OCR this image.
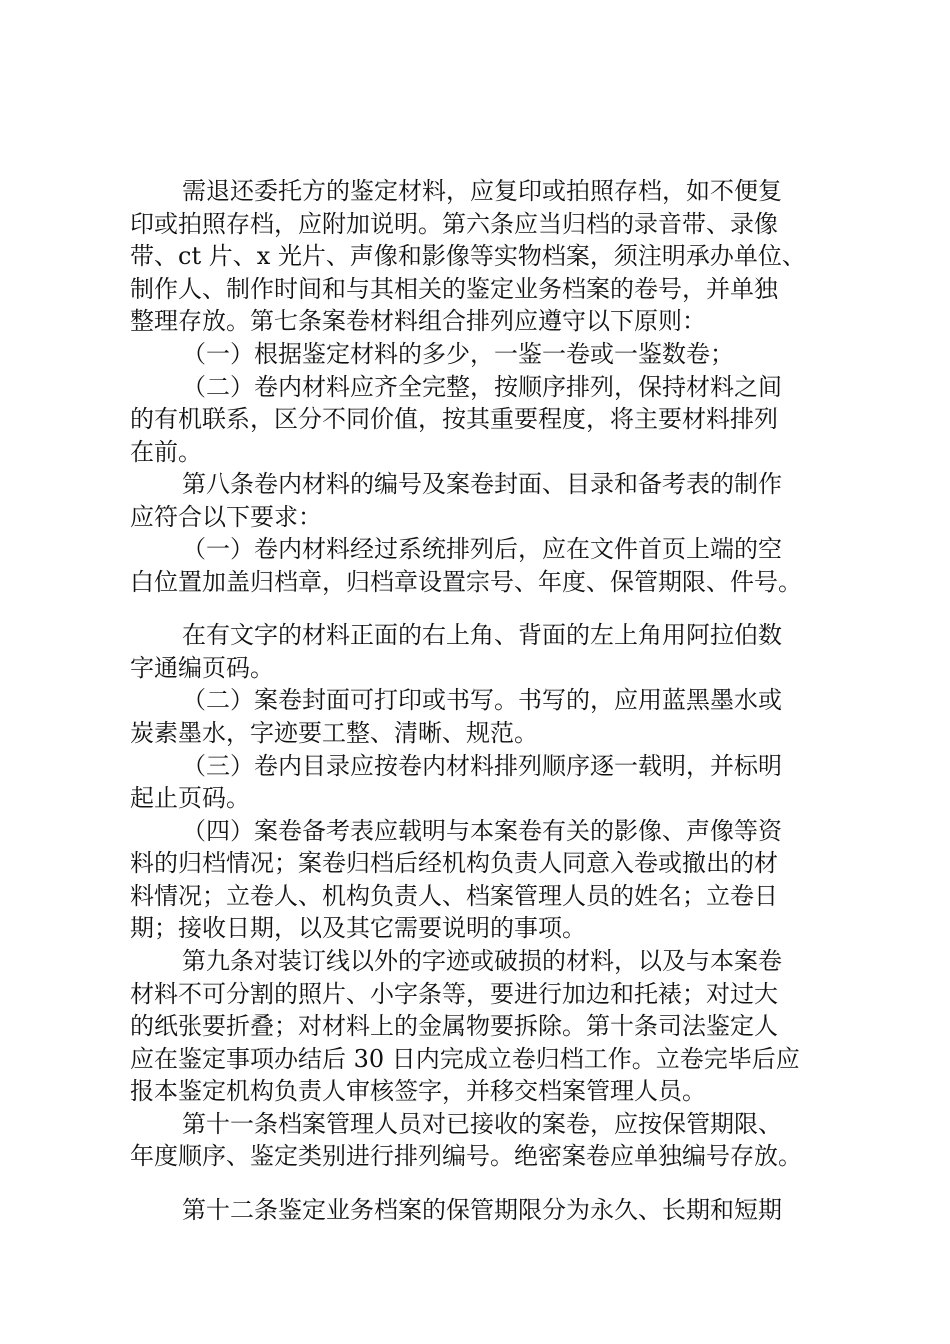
需退还委托方的鉴定材料，应复印或拍照存档，如不便复
印或拍照存档，应附加说明。第六条应当归档的录音带、录像
带、ct 片、x 光片、声像和影像等实物档案，须注明承办单位、
制作人、制作时间和与其相关的鉴定业务档案的卷号，并单独
整理存放。第七条案卷材料组合排列应遵守以下原则：
（一）根据鉴定材料的多少，一鉴一卷或一鉴数卷；
（二）卷内材料应齐全完整，按顺序排列，保持材料之间
的有机联系，区分不同价值，按其重要程度，将主要材料排列
在前。
第八条卷内材料的编号及案卷封面、目录和备考表的制作
应符合以下要求：
（一）卷内材料经过系统排列后，应在文件首页上端的空
白位置加盖归档章，归档章设置宗号、年度、保管期限、件号。
在有文字的材料正面的右上角、背面的左上角用阿拉伯数
字通编页码。
（二）案卷封面可打印或书写。书写的，应用蓝黑墨水或
炭素墨水，字迹要工整、清晰、规范。
（三）卷内目录应按卷内材料排列顺序逐一载明，并标明
起止页码。
（四）案卷备考表应载明与本案卷有关的影像、声像等资
料的归档情况；案卷归档后经机构负责人同意入卷或撤出的材
料情况；立卷人、机构负责人、档案管理人员的姓名；立卷日
期；接收日期，以及其它需要说明的事项。
第九条对装订线以外的字迹或破损的材料，以及与本案卷
材料不可分割的照片、小字条等，要进行加边和托裱；对过大
的纸张要折叠；对材料上的金属物要拆除。第十条司法鉴定人
应在鉴定事项办结后 30 日内完成立卷归档工作。立卷完毕后应
报本鉴定机构负责人审核签字，并移交档案管理人员。
第十一条档案管理人员对已接收的案卷，应按保管期限、
年度顺序、鉴定类别进行排列编号。绝密案卷应单独编号存放。
第十二条鉴定业务档案的保管期限分为永久、长期和短期
